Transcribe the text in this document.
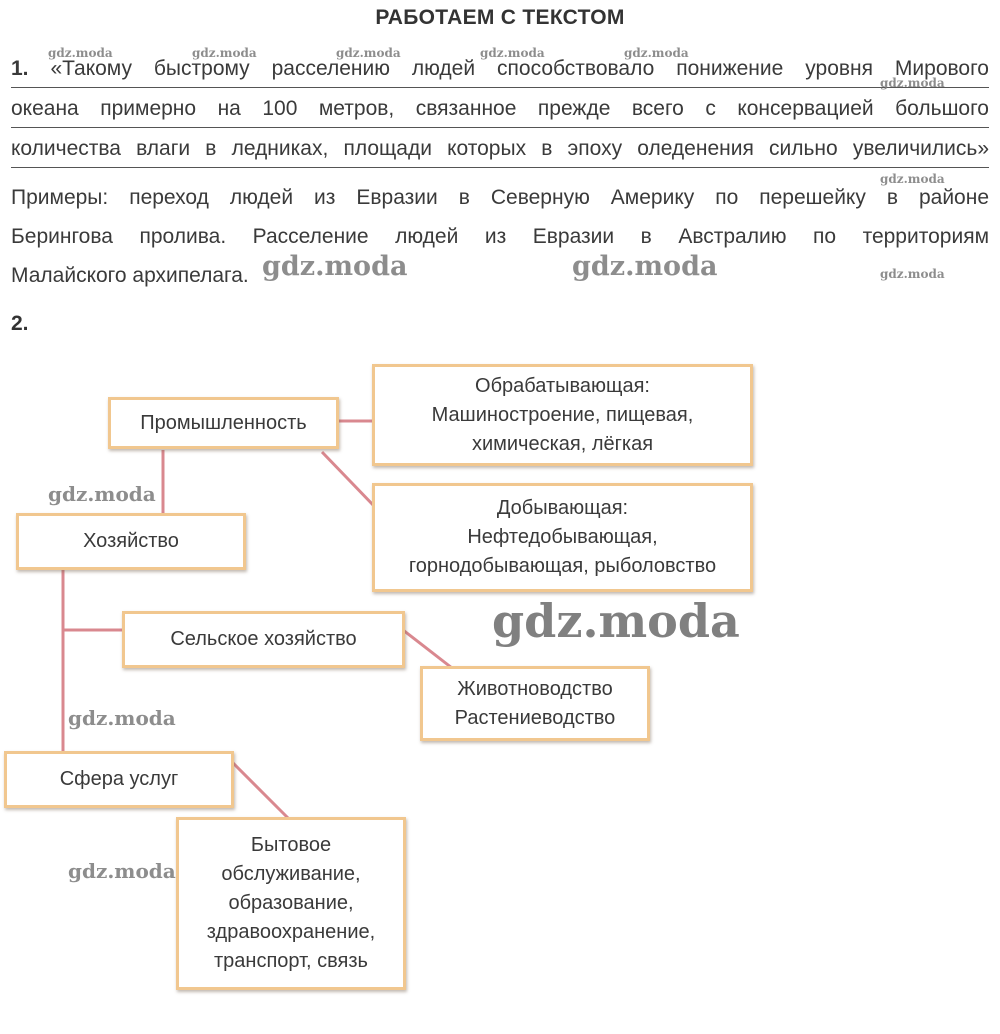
РАБОТАЕМ С ТЕКСТОМ
1. «Такому быстрому расселению людей способствовало понижение уровня Мирового
океана примерно на 100 метров, связанное прежде всего с консервацией большого
количества влаги в ледниках, площади которых в эпоху оледенения сильно увеличились»
Примеры: переход людей из Евразии в Северную Америку по перешейку в районе
Берингова пролива. Расселение людей из Евразии в Австралию по территориям
Малайского архипелага.
2.
Промышленность
Обрабатывающая:
Машиностроение, пищевая,
химическая, лёгкая
Добывающая:
Нефтедобывающая,
горнодобывающая, рыболовство
Хозяйство
Сельское хозяйство
Животноводство
Растениеводство
Сфера услуг
Бытовое
обслуживание,
образование,
здравоохранение,
транспорт, связь
gdz.moda	gdz.moda	gdz.moda	gdz.moda	gdz.moda
gdz.moda
gdz.moda
gdz.moda
gdz.moda	gdz.moda
gdz.moda
gdz.moda
gdz.moda
gdz.moda
